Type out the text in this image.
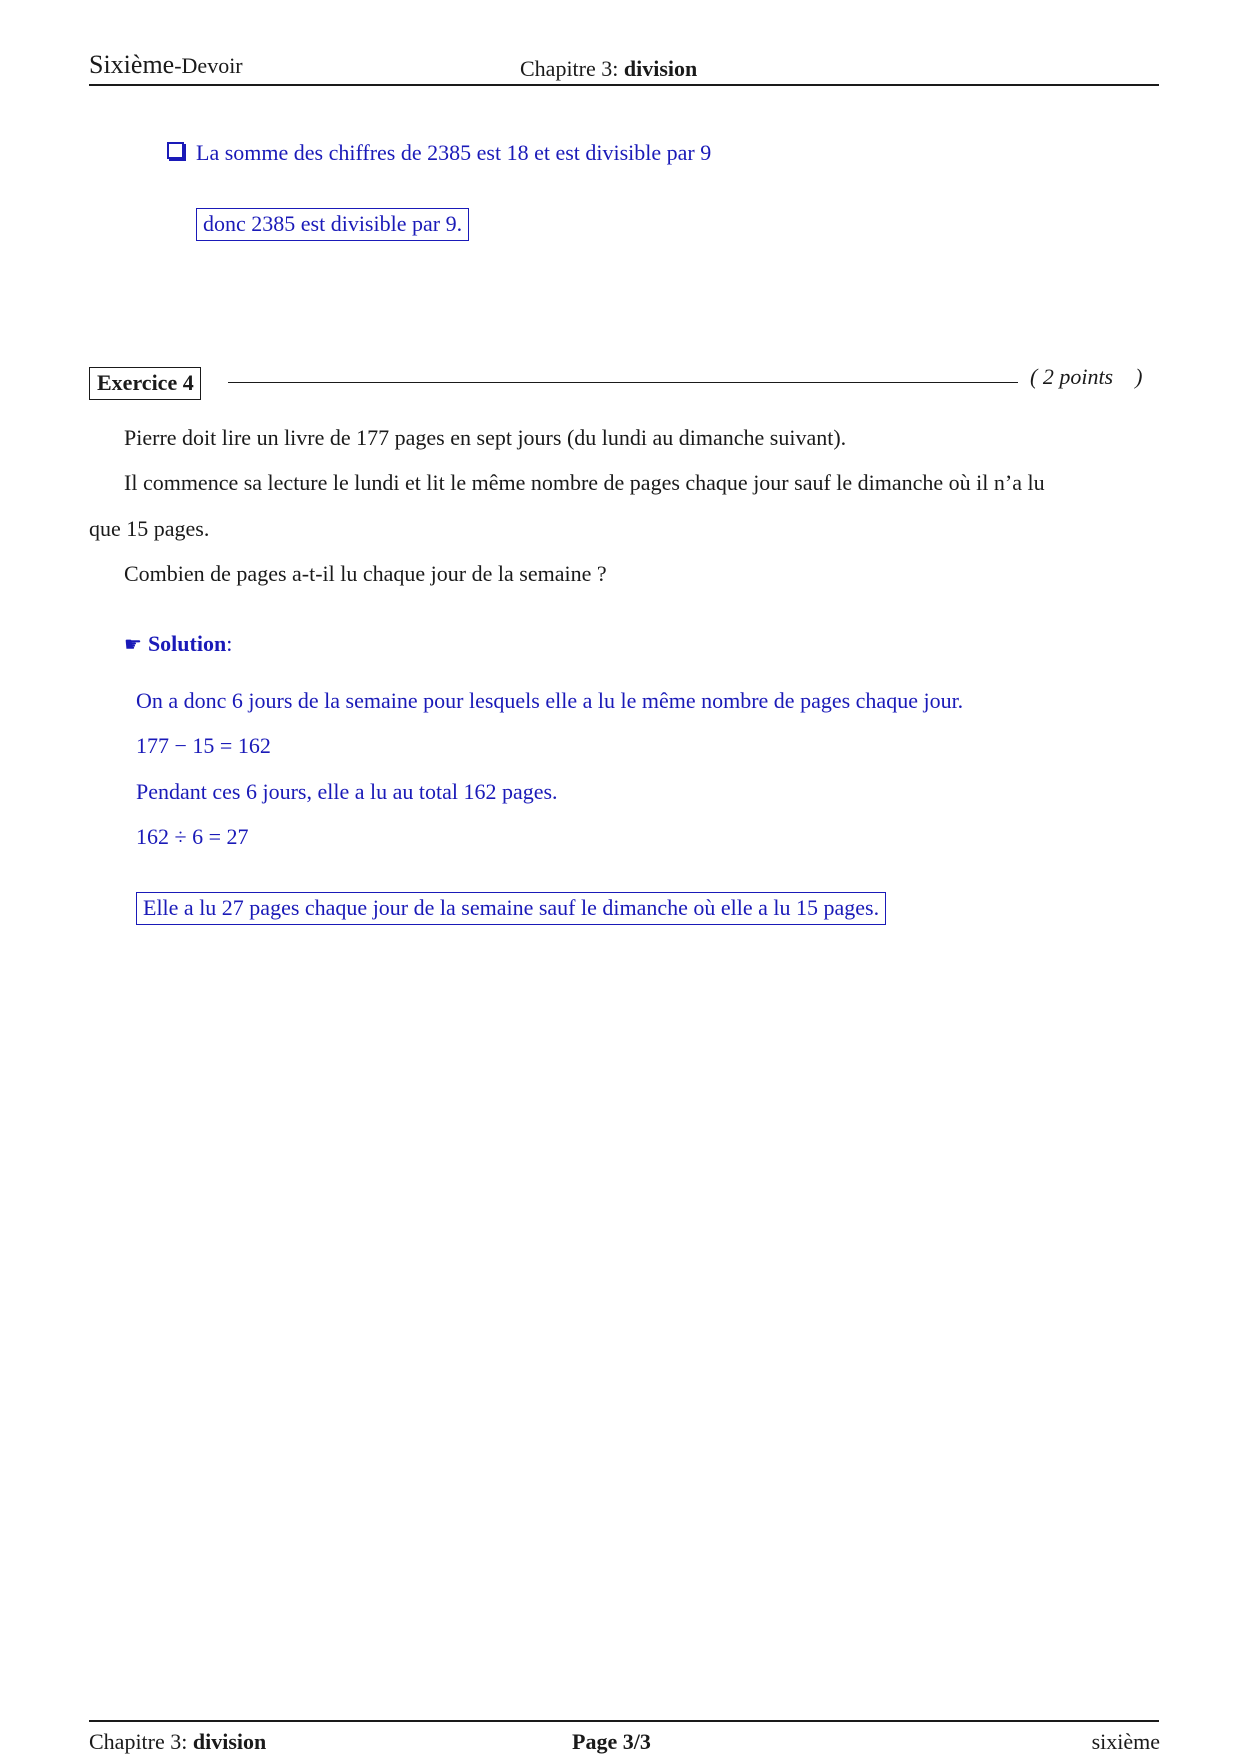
Sixième-Devoir	Chapitre 3: division
La somme des chiffres de 2385 est 18 et est divisible par 9
donc 2385 est divisible par 9.
Exercice 4	( 2 points    )
Pierre doit lire un livre de 177 pages en sept jours (du lundi au dimanche suivant).
Il commence sa lecture le lundi et lit le même nombre de pages chaque jour sauf le dimanche où il n’a lu
que 15 pages.
Combien de pages a-t-il lu chaque jour de la semaine ?
☛ Solution:
On a donc 6 jours de la semaine pour lesquels elle a lu le même nombre de pages chaque jour.
177 − 15 = 162
Pendant ces 6 jours, elle a lu au total 162 pages.
162 ÷ 6 = 27
Elle a lu 27 pages chaque jour de la semaine sauf le dimanche où elle a lu 15 pages.
Chapitre 3: division	Page 3/3	sixième
